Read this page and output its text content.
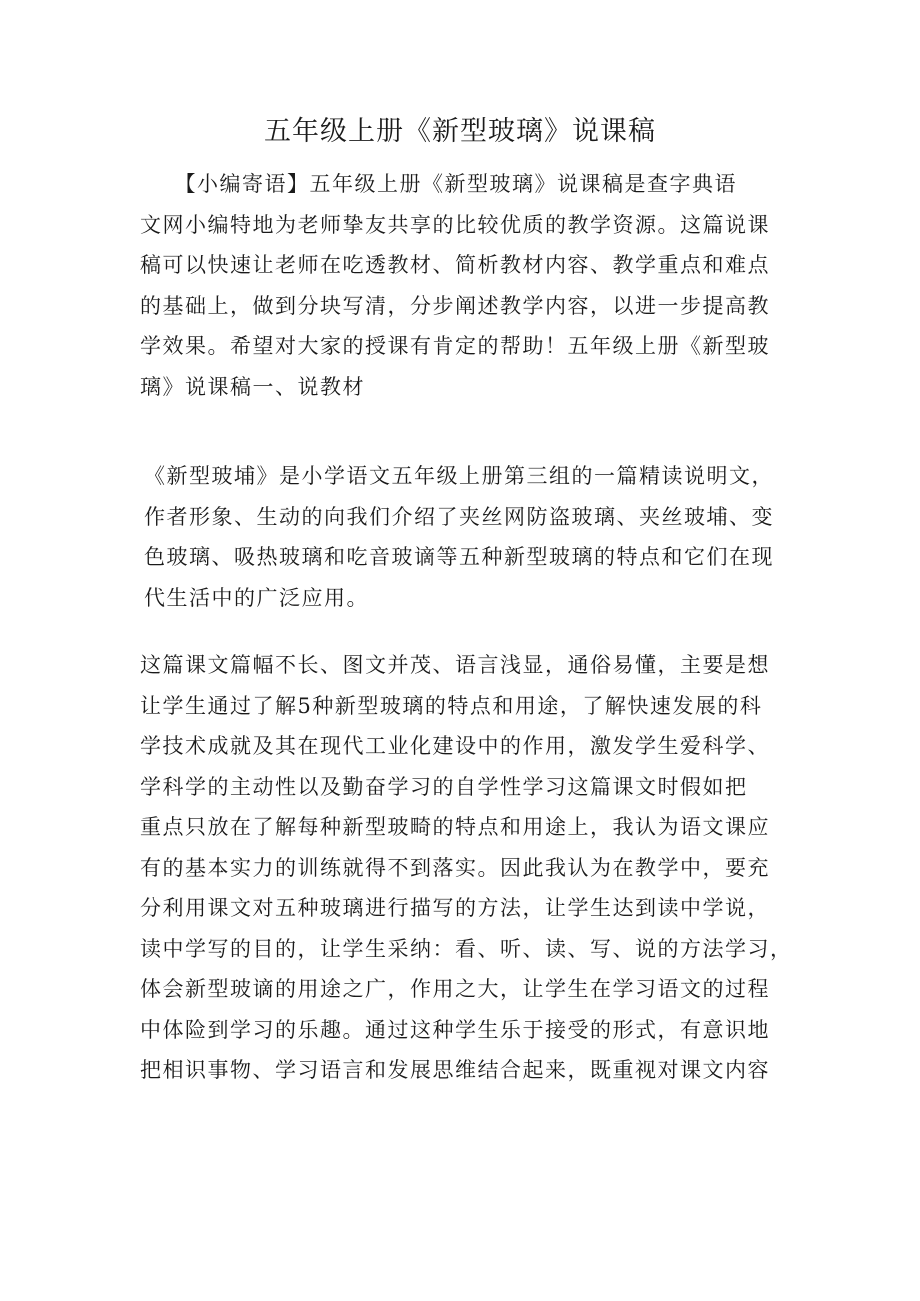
五年级上册《新型玻璃》说课稿
　　【小编寄语】五年级上册《新型玻璃》说课稿是查字典语
文网小编特地为老师挚友共享的比较优质的教学资源。这篇说课
稿可以快速让老师在吃透教材、简析教材内容、教学重点和难点
的基础上，做到分块写清，分步阐述教学内容，以进一步提高教
学效果。希望对大家的授课有肯定的帮助！五年级上册《新型玻
璃》说课稿一、说教材
《新型玻埔》是小学语文五年级上册第三组的一篇精读说明文，
作者形象、生动的向我们介绍了夹丝网防盗玻璃、夹丝玻埔、变
色玻璃、吸热玻璃和吃音玻谪等五种新型玻璃的特点和它们在现
代生活中的广泛应用。
这篇课文篇幅不长、图文并茂、语言浅显，通俗易懂，主要是想
让学生通过了解5种新型玻璃的特点和用途，了解快速发展的科
学技术成就及其在现代工业化建设中的作用，激发学生爱科学、
学科学的主动性以及勤奋学习的自学性学习这篇课文时假如把
重点只放在了解每种新型玻畸的特点和用途上，我认为语文课应
有的基本实力的训练就得不到落实。因此我认为在教学中，要充
分利用课文对五种玻璃进行描写的方法，让学生达到读中学说，
读中学写的目的，让学生采纳：看、听、读、写、说的方法学习，
体会新型玻谪的用途之广，作用之大，让学生在学习语文的过程
中体险到学习的乐趣。通过这种学生乐于接受的形式，有意识地
把相识事物、学习语言和发展思维结合起来，既重视对课文内容
